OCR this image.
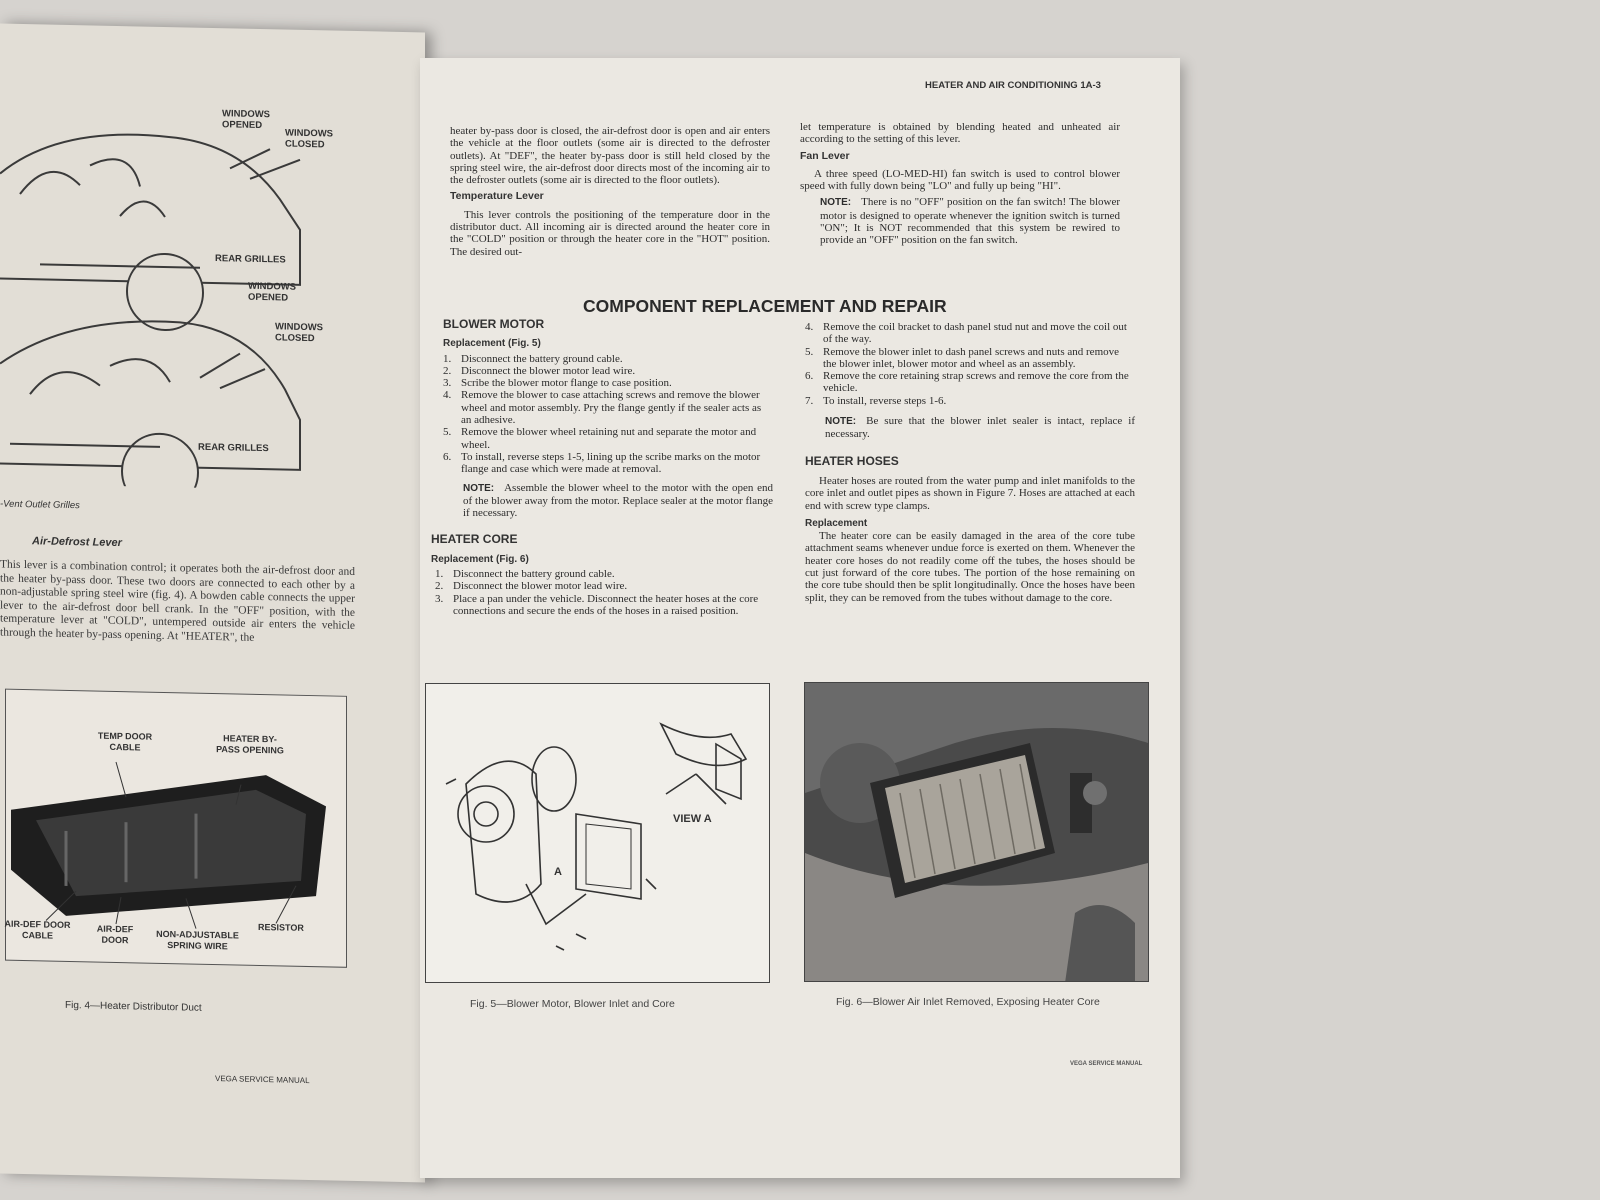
WINDOWS OPENED
WINDOWS CLOSED
REAR GRILLES
WINDOWS OPENED
WINDOWS CLOSED
REAR GRILLES
-Vent Outlet Grilles
Air-Defrost Lever
This lever is a combination control; it operates both the air-defrost door and the heater by-pass door. These two doors are connected to each other by a non-adjustable spring steel wire (fig. 4). A bowden cable connects the upper lever to the air-defrost door bell crank. In the "OFF" position, with the temperature lever at "COLD", untempered outside air enters the vehicle through the heater by-pass opening. At "HEATER", the
TEMP DOOR CABLE
HEATER BY-PASS OPENING
RESISTOR
AIR-DEF DOOR CABLE
AIR-DEF DOOR	NON-ADJUSTABLE SPRING WIRE
Fig. 4—Heater Distributor Duct
VEGA SERVICE MANUAL
HEATER AND AIR CONDITIONING 1A-3

heater by-pass door is closed, the air-defrost door is open and air enters the vehicle at the floor outlets (some air is directed to the defroster outlets). At "DEF", the heater by-pass door is still held closed by the spring steel wire, the air-defrost door directs most of the incoming air to the defroster outlets (some air is directed to the floor outlets).

Temperature Lever

This lever controls the positioning of the temperature door in the distributor duct. All incoming air is directed around the heater core in the "COLD" position or through the heater core in the "HOT" position. The desired out-

let temperature is obtained by blending heated and unheated air according to the setting of this lever.

Fan Lever

A three speed (LO-MED-HI) fan switch is used to control blower speed with fully down being "LO" and fully up being "HI".

NOTE: There is no "OFF" position on the fan switch! The blower motor is designed to operate whenever the ignition switch is turned "ON"; It is NOT recommended that this system be rewired to provide an "OFF" position on the fan switch.

COMPONENT REPLACEMENT AND REPAIR
BLOWER MOTOR
Replacement (Fig. 5)
1. Disconnect the battery ground cable.
2. Disconnect the blower motor lead wire.
3. Scribe the blower motor flange to case position.
4. Remove the blower to case attaching screws and remove the blower wheel and motor assembly. Pry the flange gently if the sealer acts as an adhesive.
5. Remove the blower wheel retaining nut and separate the motor and wheel.
6. To install, reverse steps 1-5, lining up the scribe marks on the motor flange and case which were made at removal.

NOTE: Assemble the blower wheel to the motor with the open end of the blower away from the motor. Replace sealer at the motor flange if necessary.

HEATER CORE
Replacement (Fig. 6)
1. Disconnect the battery ground cable.
2. Disconnect the blower motor lead wire.
3. Place a pan under the vehicle. Disconnect the heater hoses at the core connections and secure the ends of the hoses in a raised position.
4. Remove the coil bracket to dash panel stud nut and move the coil out of the way.
5. Remove the blower inlet to dash panel screws and nuts and remove the blower inlet, blower motor and wheel as an assembly.
6. Remove the core retaining strap screws and remove the core from the vehicle.
7. To install, reverse steps 1-6.

NOTE: Be sure that the blower inlet sealer is intact, replace if necessary.

HEATER HOSES

Heater hoses are routed from the water pump and inlet manifolds to the core inlet and outlet pipes as shown in Figure 7. Hoses are attached at each end with screw type clamps.

Replacement

The heater core can be easily damaged in the area of the core tube attachment seams whenever undue force is exerted on them. Whenever the heater core hoses do not readily come off the tubes, the hoses should be cut just forward of the core tubes. The portion of the hose remaining on the core tube should then be split longitudinally. Once the hoses have been split, they can be removed from the tubes without damage to the core.

VIEW A
A
Fig. 5—Blower Motor, Blower Inlet and Core	Fig. 6—Blower Air Inlet Removed, Exposing Heater Core
VEGA SERVICE MANUAL
